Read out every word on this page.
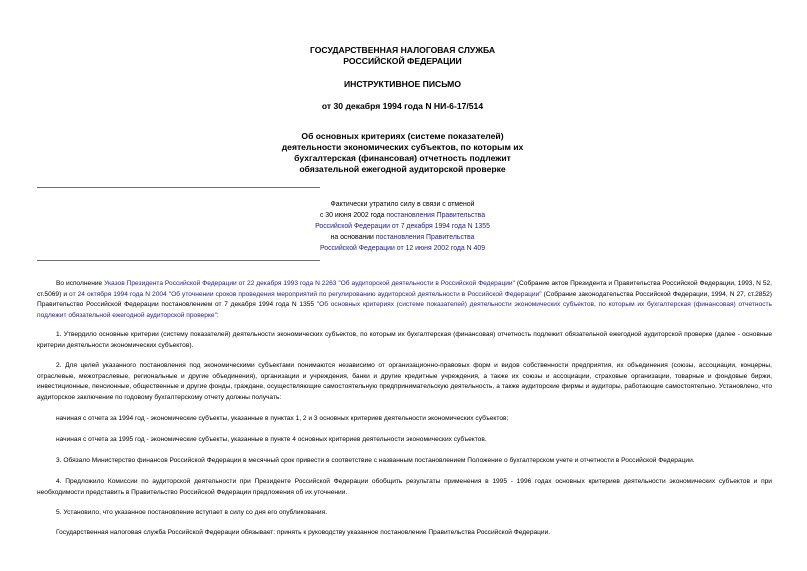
ГОСУДАРСТВЕННАЯ НАЛОГОВАЯ СЛУЖБА
РОССИЙСКОЙ ФЕДЕРАЦИИ
ИНСТРУКТИВНОЕ ПИСЬМО
от 30 декабря 1994 года N НИ-6-17/514
Об основных критериях (системе показателей)
деятельности экономических субъектов, по которым их
бухгалтерская (финансовая) отчетность подлежит
обязательной ежегодной аудиторской проверке
Фактически утратило силу в связи с отменой
с 30 июня 2002 года постановления Правительства
Российской Федерации от 7 декабря 1994 года N 1355
на основании постановления Правительства
Российской Федерации от 12 июня 2002 года N 409
Во исполнение Указов Президента Российской Федерации от 22 декабря 1993 года N 2263 "Об аудиторской деятельности в Российской Федерации" (Собрание актов Президента и Правительства Российской Федерации, 1993, N 52, ст.5069) и от 24 октября 1994 года N 2004 "Об уточнении сроков проведения мероприятий по регулированию аудиторской деятельности в Российской Федерации" (Собрание законодательства Российской Федерации, 1994, N 27, ст.2852) Правительство Российской Федерации постановлением от 7 декабря 1994 года N 1355 "Об основных критериях (системе показателей) деятельности экономических субъектов, по которым их бухгалтерская (финансовая) отчетность подлежит обязательной ежегодной аудиторской проверке":
1. Утвердило основные критерии (систему показателей) деятельности экономических субъектов, по которым их бухгалтерская (финансовая) отчетность подлежит обязательной ежегодной аудиторской проверке (далее - основные критерии деятельности экономических субъектов).
2. Для целей указанного постановления под экономическими субъектами понимаются независимо от организационно-правовых форм и видов собственности предприятия, их объединения (союзы, ассоциации, концерны, отраслевые, межотраслевые, региональные и другие объединения), организации и учреждения, банки и другие кредитные учреждения, а также их союзы и ассоциации, страховые организации, товарные и фондовые биржи, инвестиционные, пенсионные, общественные и другие фонды, граждане, осуществляющие самостоятельную предпринимательскую деятельность, а также аудиторские фирмы и аудиторы, работающие самостоятельно. Установлено, что аудиторское заключение по годовому бухгалтерскому отчету должны получать:
начиная с отчета за 1994 год - экономические субъекты, указанные в пунктах 1, 2 и 3 основных критериев деятельности экономических субъектов;
начиная с отчета за 1995 год - экономические субъекты, указанные в пункте 4 основных критериев деятельности экономических субъектов.
3. Обязало Министерство финансов Российской Федерации в месячный срок привести в соответствие с названным постановлением Положение о бухгалтерском учете и отчетности в Российской Федерации.
4. Предложило Комиссии по аудиторской деятельности при Президенте Российской Федерации обобщить результаты применения в 1995 - 1996 годах основных критериев деятельности экономических субъектов и при необходимости представить в Правительство Российской Федерации предложения об их уточнении.
5. Установило, что указанное постановление вступает в силу со дня его опубликования.
Государственная налоговая служба Российской Федерации обязывает: принять к руководству указанное постановление Правительства Российской Федерации.
